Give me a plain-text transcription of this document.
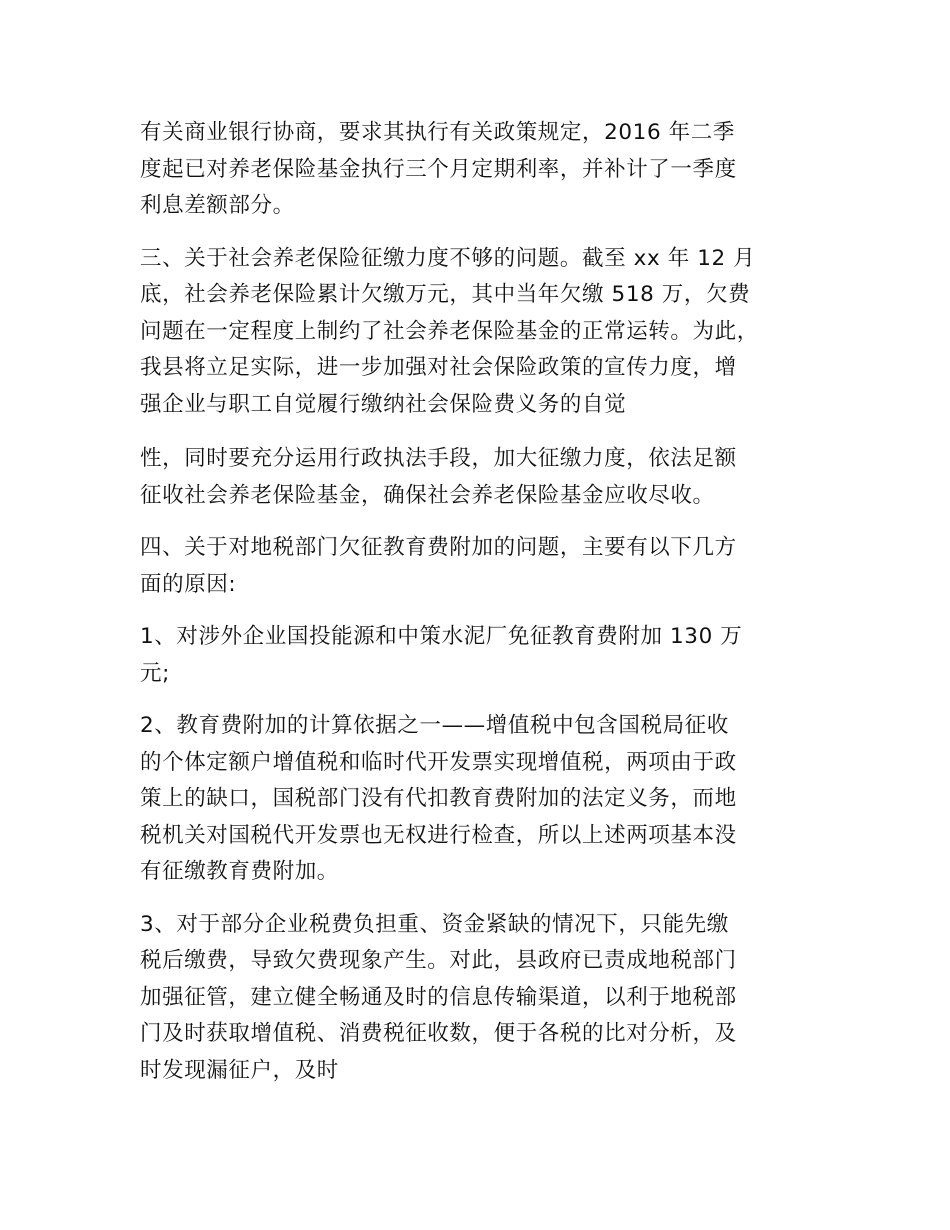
有关商业银行协商，要求其执行有关政策规定，2016 年二季
度起已对养老保险基金执行三个月定期利率，并补计了一季度
利息差额部分。

三、关于社会养老保险征缴力度不够的问题。截至 xx 年 12 月
底，社会养老保险累计欠缴万元，其中当年欠缴 518 万，欠费
问题在一定程度上制约了社会养老保险基金的正常运转。为此，
我县将立足实际，进一步加强对社会保险政策的宣传力度，增
强企业与职工自觉履行缴纳社会保险费义务的自觉

性，同时要充分运用行政执法手段，加大征缴力度，依法足额
征收社会养老保险基金，确保社会养老保险基金应收尽收。

四、关于对地税部门欠征教育费附加的问题，主要有以下几方
面的原因:

1、对涉外企业国投能源和中策水泥厂免征教育费附加 130 万
元;

2、教育费附加的计算依据之一——增值税中包含国税局征收
的个体定额户增值税和临时代开发票实现增值税，两项由于政
策上的缺口，国税部门没有代扣教育费附加的法定义务，而地
税机关对国税代开发票也无权进行检查，所以上述两项基本没
有征缴教育费附加。

3、对于部分企业税费负担重、资金紧缺的情况下，只能先缴
税后缴费，导致欠费现象产生。对此，县政府已责成地税部门
加强征管，建立健全畅通及时的信息传输渠道，以利于地税部
门及时获取增值税、消费税征收数，便于各税的比对分析，及
时发现漏征户，及时
